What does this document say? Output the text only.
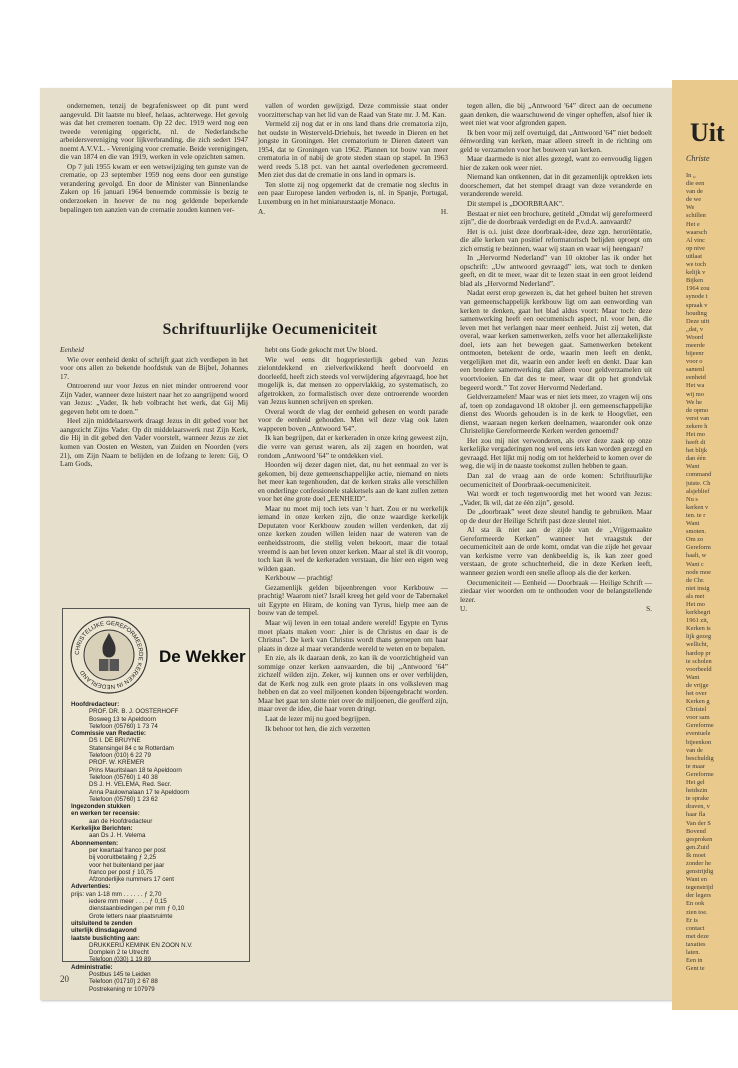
ondernemen, tenzij de begrafenisweet op dit punt werd aangevuld. Dit laatste nu bleef, helaas, achterwege. Het gevolg was dat het cremeren toenam. Op 22 dec. 1919 werd nog een tweede vereniging opgericht, nl. de Nederlandsche arbeidersvereniging voor lijkverbranding, die zich sedert 1947 noemt A.V.V.L. - Vereniging voor crematie. Beide verenigingen, die van 1874 en die van 1919, werken in vele opzichten samen.

Op 7 juli 1955 kwam er een wetswijziging ten gunste van de crematie, op 23 september 1959 nog eens door een gunstige verandering gevolgd. En door de Minister van Binnenlandse Zaken op 16 januari 1964 benoemde commissie is bezig te onderzoeken in hoever de nu nog geldende beperkende bepalingen ten aanzien van de crematie zouden kunnen ver-

vallen of worden gewijzigd. Deze commissie staat onder voorzitterschap van het lid van de Raad van State mr. J. M. Kan.

Vermeld zij nog dat er in ons land thans drie crematoria zijn, het oudste in Westerveld-Driehuis, het tweede in Dieren en het jongste in Groningen. Het crematorium te Dieren dateert van 1954, dat te Groningen van 1962. Plannen tot bouw van meer crematoria in of nabij de grote steden staan op stapel. In 1963 werd reeds 5.18 pct. van het aantal overledenen gecremeerd. Men ziet dus dat de crematie in ons land in opmars is.

Ten slotte zij nog opgemerkt dat de crematie nog slechts in een paar Europese landen verboden is, nl. in Spanje, Portugal, Luxemburg en in het miniatuurstaatje Monaco.

A.	H.
Schriftuurlijke Oecumeniciteit

Eenheid

Wie over eenheid denkt of schrijft gaat zich verdiepen in het voor ons allen zo bekende hoofdstuk van de Bijbel, Johannes 17.

Ontroerend uur voor Jezus en niet minder ontroerend voor Zijn Vader, wanneer deze luistert naar het zo aangrijpend woord van Jezus: „Vader, Ik heb volbracht het werk, dat Gij Mij gegeven hebt om te doen.”

Heel zijn middelaarswerk draagt Jezus in dit gebed voor het aangezicht Zijns Vader. Op dit middelaarswerk rust Zijn Kerk, die Hij in dit gebed den Vader voorstelt, wanneer Jezus ze ziet komen van Oosten en Westen, van Zuiden en Noorden (vers 21), om Zijn Naam te belijden en de lofzang te leren: Gij, O Lam Gods,

CHRISTELIJKE GEREFORMEERDE KERKEN IN NEDERLAND
De Wekker
Hoofdredacteur:
PROF. DR. B. J. OOSTERHOFF
Bosweg 13 te Apeldoorn
Telefoon (05760) 1 73 74
Commissie van Redactie:
DS I. DE BRUYNE
Statensingel 84 c te Rotterdam
Telefoon (010) 6 22 79
PROF. W. KREMER
Prins Mauritslaan 18 te Apeldoorn
Telefoon (05760) 1 40 38
DS J. H. VELEMA, Red. Secr.
Anna Paulownalaan 17 te Apeldoorn
Telefoon (05760) 1 23 62
Ingezonden stukken
en werken ter recensie:
aan de Hoofdredacteur
Kerkelijke Berichten:
aan Ds J. H. Velema
Abonnementen:
per kwartaal franco per post
bij vooruitbetaling ƒ 2,25
voor het buitenland per jaar
franco per post ƒ 10,75
Afzonderlijke nummers 17 cent
Advertenties:
prijs: van 1-18 mm . . . . . . ƒ 2,70
iedere mm meer . . . . ƒ 0,15
dienstaanbiedingen per mm ƒ 0,10
Grote letters naar plaatsruimte
uitsluitend te zenden
uiterlijk dinsdagavond
laatste buslichting aan:
DRUKKERIJ KEMINK EN ZOON N.V.
Domplein 2 te Utrecht
Telefoon (030) 1 19 89
Administratie:
Postbus 145 te Leiden
Telefoon (01710) 2 67 88
Postrekening nr 107979

hebt ons Gode gekocht met Uw bloed.

Wie wel eens dit hogepriesterlijk gebed van Jezus zielontdekkend en zielverkwikkend heeft doorvoeld en doorleefd, heeft zich steeds vol verwijdering afgevraagd, hoe het mogelijk is, dat mensen zo oppervlakkig, zo systematisch, zo afgetrokken, zo formalistisch over deze ontroerende woorden van Jezus kunnen schrijven en spreken.

Overal wordt de vlag der eenheid gehesen en wordt parade voor de eenheid gehouden. Men wil deze vlag ook laten wapperen boven „Antwoord '64”.

Ik kan begrijpen, dat er kerkeraden in onze kring geweest zijn, die verre van gerust waren, als zij zagen en hoorden, wat rondom „Antwoord '64” te ontdekken viel.

Hoorden wij dezer dagen niet, dat, nu het eenmaal zo ver is gekomen, bij deze gemeenschappelijke actie, niemand en niets het meer kan tegenhouden, dat de kerken straks alle verschillen en onderlinge confessionele stakketsels aan de kant zullen zetten voor het éne grote doel „EENHEID”.

Maar nu moet mij toch iets van 't hart. Zou er nu werkelijk iemand in onze kerken zijn, die onze waardige kerkelijk Deputaten voor Kerkbouw zouden willen verdenken, dat zij onze kerken zouden willen leiden naar de wateren van de eenheidsstroom, die stellig velen bekoort, maar die totaal vreemd is aan het leven onzer kerken. Maar al stel ik dit voorop, toch kan ik wel de kerkeraden verstaan, die hier een eigen weg wilden gaan.

Kerkbouw — prachtig!

Gezamenlijk gelden bijeenbrengen voor Kerkbouw — prachtig! Waarom niet? Israël kreeg het geld voor de Tabernakel uit Egypte en Hiram, de koning van Tyrus, hielp mee aan de bouw van de tempel.

Maar wij leven in een totaal andere wereld! Egypte en Tyrus moet plaats maken voor: „hier is de Christus en daar is de Christus”. De kerk van Christus wordt thans geroepen om haar plaats in deze al maar veranderde wereld te weten en te bepalen.

En zie, als ik daaraan denk, zo kan ik de voorzichtigheid van sommige onzer kerken aanvaarden, die bij „Antwoord '64” zichzelf wilden zijn. Zeker, wij kunnen ons er over verblijden, dat de Kerk nog zulk een grote plaats in ons volksleven mag hebben en dat zo veel miljoenen konden bijeengebracht worden. Maar het gaat ten slotte niet over de miljoenen, die geofferd zijn, maar over de idee, die haar voren dringt.

Laat de lezer mij nu goed begrijpen.

Ik behoor tot hen, die zich verzetten

tegen allen, die bij „Antwoord '64” direct aan de oecumene gaan denken, die waarschuwend de vinger opheffen, alsof hier ik weet niet wat voor afgronden gapen.

Ik ben voor mij zelf overtuigd, dat „Antwoord '64” niet bedoelt éénwording van kerken, maar alleen streeft in de richting om geld te verzamelen voor het bouwen van kerken.

Maar daarmede is niet alles gezegd, want zo eenvoudig liggen hier de zaken ook weer niet.

Niemand kan ontkennen, dat in dit gezamenlijk optrekken iets doorschemert, dat het stempel draagt van deze veranderde en veranderende wereld.

Dit stempel is „DOORBRAAK”.

Bestaat er niet een brochure, getiteld „Omdat wij gereformeerd zijn”, die de doorbraak verdedigt en de P.v.d.A. aanvaardt?

Het is o.i. juist deze doorbraak-idee, deze zgn. heroriëntatie, die alle kerken van positief reformatorisch belijden oproept om zich ernstig te bezinnen, waar wij staan en waar wij heengaan?

In „Hervormd Nederland” van 10 oktober las ik onder het opschrift: „Uw antwoord gevraagd” iets, wat toch te denken geeft, en dit te meer, waar dit te lezen staat in een groot leidend blad als „Hervormd Nederland”.

Nadat eerst erop gewezen is, dat het geheel buiten het streven van gemeenschappelijk kerkbouw ligt om aan eenwording van kerken te denken, gaat het blad aldus voort: Maar toch: deze samenwerking heeft een oecumenisch aspect, nl. voor hen, die leven met het verlangen naar meer eenheid. Juist zij weten, dat overal, waar kerken samenwerken, zelfs voor het allerzakelijkste doel, iets aan het bewegen gaat. Samenwerken betekent ontmoeten, betekent de orde, waarin men leeft en denkt, vergelijken met dit, waarin een ander leeft en denkt. Daar kan een bredere samenwerking dan alleen voor geldverzamelen uit voortvloeien. En dat des te meer, waar dit op het grondvlak begeerd wordt.” Tot zover Hervormd Nederland.

Geldverzamelen! Maar was er niet iets meer, zo vragen wij ons af, toen op zondagavond 18 oktober jl. een gemeenschappelijke dienst des Woords gehouden is in de kerk te Hoogvliet, een dienst, waaraan negen kerken deelnamen, waaronder ook onze Christelijke Gereformeerde Kerken werden genoemd?

Het zou mij niet verwonderen, als over deze zaak op onze kerkelijke vergaderingen nog wel eens iets kan worden gezegd en gevraagd. Het lijkt mij nodig om tot helderheid te komen over de weg, die wij in de naaste toekomst zullen hebben te gaan.

Dan zal de vraag aan de orde komen: Schriftuurlijke oecumeniciteit of Doorbraak-oecumeniciteit.

Wat wordt er toch tegenwoordig met het woord van Jezus: „Vader, Ik wil, dat ze één zijn”, gesold.

De „doorbraak” weet deze sleutel handig te gebruiken. Maar op de deur der Heilige Schrift past deze sleutel niet.

Al sta ik niet aan de zijde van de „Vrijgemaakte Gereformeerde Kerken” wanneer het vraagstuk der oecumeniciteit aan de orde komt, omdat van die zijde het gevaar van kerkisme verre van denkbeeldig is, ik kan zeer goed verstaan, de grote schuchterheid, die in deze Kerken leeft, wanneer gezien wordt een snelle afloop als die der kerken.

Oecumeniciteit — Eenheid — Doorbraak — Heilige Schrift — ziedaar vier woorden om te onthouden voor de belangstellende lezer.

U.	S.
20
Uit
Christe
In „
die een
van de
de we
We
schillen
Het e
waarsch
Al vinc
op nive
uitlaat
we toch
kelijk v
Bijken
1964 zou
synode t
spraak v
houding
Deze uitt
„dat, v
Woord
meerde
bijeenr
voor o
samenl
eenheid
Het wa
wij mo
We he
de opmo
verst van
zekere h
Het mo
heeft di
het blijk
dan één
Want
command
juiste. Ch
alsjeblief
Nu s
kerken v
ten. te r
Want
smoten.
Om zo
Gereform
haalt, w
Want c
node moe
de Chr.
niet insig
als met
Het mo
kerkbegri
1961 zit,
Kerken is
lijk gezeg
wellicht,
hardop pr
te scholen
voorbeeld
Want
de vrijge
het over
Kerken g
Christel
voor sam
Gereforme
eventuele
bijeenkon
van de
beschuldig
te maar
Gereforme
Het gel
heidszin
te sprake
draven, v
haar fla
Van der S
Bovend
gesproken
gen.Zuid
Ik moet
zonder he
genstrijdig
Want en
tegenstrijd
der legers
En ook
zien toe.
Er is
contact
met deze
taxaties
laten.
Een in
Gent te
